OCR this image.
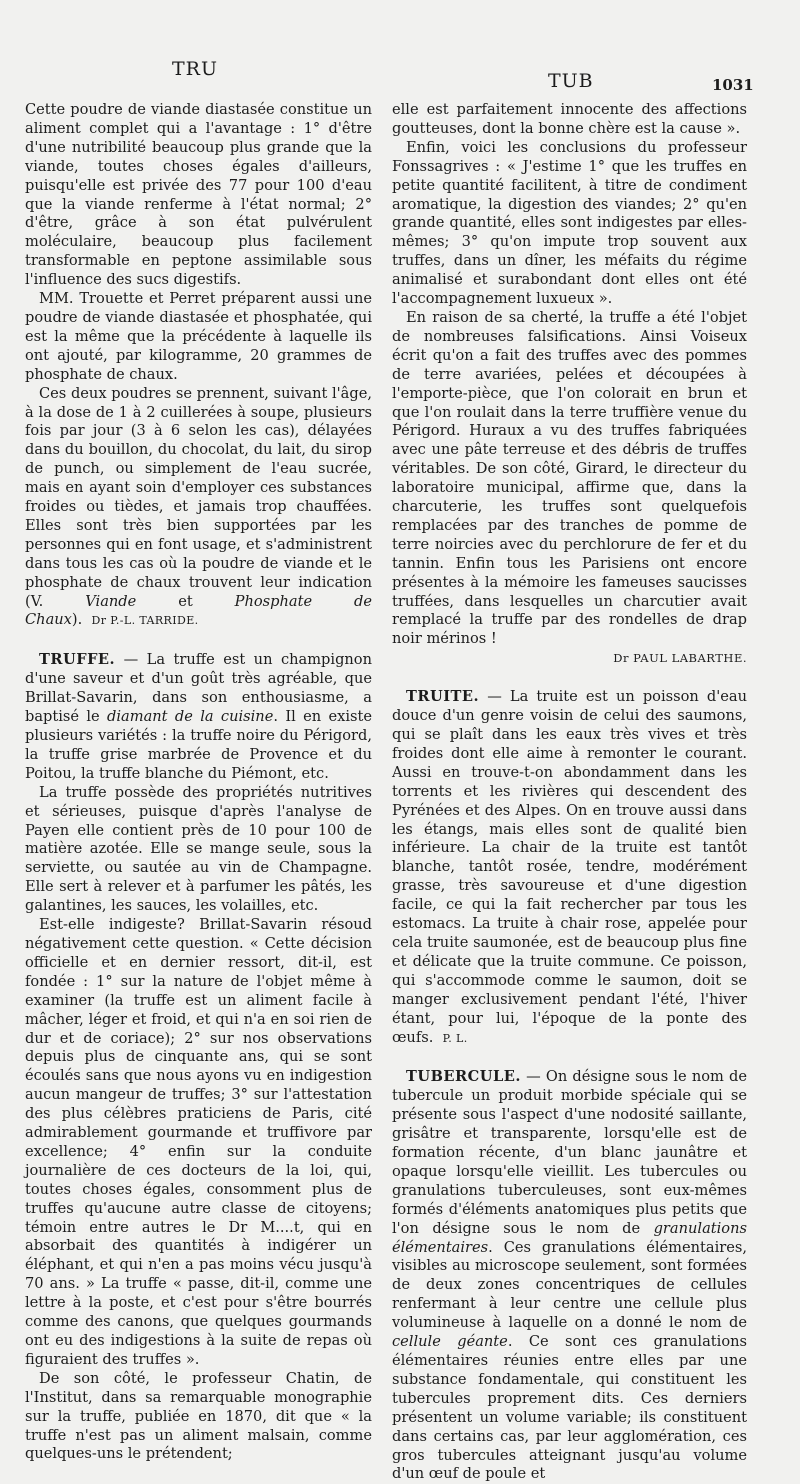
TRU
TUB	1031

Cette poudre de viande diastasée constitue un aliment complet qui a l'avantage : 1° d'être d'une nutribilité beaucoup plus grande que la viande, toutes choses égales d'ailleurs, puisqu'elle est privée des 77 pour 100 d'eau que la viande renferme à l'état normal; 2° d'être, grâce à son état pulvérulent moléculaire, beaucoup plus facilement transformable en peptone assimilable sous l'influence des sucs digestifs.

MM. Trouette et Perret préparent aussi une poudre de viande diastasée et phosphatée, qui est la même que la précédente à laquelle ils ont ajouté, par kilogramme, 20 grammes de phosphate de chaux.

Ces deux poudres se prennent, suivant l'âge, à la dose de 1 à 2 cuillerées à soupe, plusieurs fois par jour (3 à 6 selon les cas), délayées dans du bouillon, du chocolat, du lait, du sirop de punch, ou simplement de l'eau sucrée, mais en ayant soin d'employer ces substances froides ou tièdes, et jamais trop chauffées. Elles sont très bien supportées par les personnes qui en font usage, et s'administrent dans tous les cas où la poudre de viande et le phosphate de chaux trouvent leur indication (V. Viande et Phosphate de Chaux). Dr P.-L. TARRIDE.

TRUFFE. — La truffe est un champignon d'une saveur et d'un goût très agréable, que Brillat-Savarin, dans son enthousiasme, a baptisé le diamant de la cuisine. Il en existe plusieurs variétés : la truffe noire du Périgord, la truffe grise marbrée de Provence et du Poitou, la truffe blanche du Piémont, etc.

La truffe possède des propriétés nutritives et sérieuses, puisque d'après l'analyse de Payen elle contient près de 10 pour 100 de matière azotée. Elle se mange seule, sous la serviette, ou sautée au vin de Champagne. Elle sert à relever et à parfumer les pâtés, les galantines, les sauces, les volailles, etc.

Est-elle indigeste? Brillat-Savarin résoud négativement cette question. « Cette décision officielle et en dernier ressort, dit-il, est fondée : 1° sur la nature de l'objet même à examiner (la truffe est un aliment facile à mâcher, léger et froid, et qui n'a en soi rien de dur et de coriace); 2° sur nos observations depuis plus de cinquante ans, qui se sont écoulés sans que nous ayons vu en indigestion aucun mangeur de truffes; 3° sur l'attestation des plus célèbres praticiens de Paris, cité admirablement gourmande et truffivore par excellence; 4° enfin sur la conduite journalière de ces docteurs de la loi, qui, toutes choses égales, consomment plus de truffes qu'aucune autre classe de citoyens; témoin entre autres le Dr M....t, qui en absorbait des quantités à indigérer un éléphant, et qui n'en a pas moins vécu jusqu'à 70 ans. » La truffe « passe, dit-il, comme une lettre à la poste, et c'est pour s'être bourrés comme des canons, que quelques gourmands ont eu des indigestions à la suite de repas où figuraient des truffes ».

De son côté, le professeur Chatin, de l'Institut, dans sa remarquable monographie sur la truffe, publiée en 1870, dit que « la truffe n'est pas un aliment malsain, comme quelques-uns le prétendent;

elle est parfaitement innocente des affections goutteuses, dont la bonne chère est la cause ».

Enfin, voici les conclusions du professeur Fonssagrives : « J'estime 1° que les truffes en petite quantité facilitent, à titre de condiment aromatique, la digestion des viandes; 2° qu'en grande quantité, elles sont indigestes par elles-mêmes; 3° qu'on impute trop souvent aux truffes, dans un dîner, les méfaits du régime animalisé et surabondant dont elles ont été l'accompagnement luxueux ».

En raison de sa cherté, la truffe a été l'objet de nombreuses falsifications. Ainsi Voiseux écrit qu'on a fait des truffes avec des pommes de terre avariées, pelées et découpées à l'emporte-pièce, que l'on colorait en brun et que l'on roulait dans la terre truffière venue du Périgord. Huraux a vu des truffes fabriquées avec une pâte terreuse et des débris de truffes véritables. De son côté, Girard, le directeur du laboratoire municipal, affirme que, dans la charcuterie, les truffes sont quelquefois remplacées par des tranches de pomme de terre noircies avec du perchlorure de fer et du tannin. Enfin tous les Parisiens ont encore présentes à la mémoire les fameuses saucisses truffées, dans lesquelles un charcutier avait remplacé la truffe par des rondelles de drap noir mérinos !

Dr PAUL LABARTHE.

TRUITE. — La truite est un poisson d'eau douce d'un genre voisin de celui des saumons, qui se plaît dans les eaux très vives et très froides dont elle aime à remonter le courant. Aussi en trouve-t-on abondamment dans les torrents et les rivières qui descendent des Pyrénées et des Alpes. On en trouve aussi dans les étangs, mais elles sont de qualité bien inférieure. La chair de la truite est tantôt blanche, tantôt rosée, tendre, modérément grasse, très savoureuse et d'une digestion facile, ce qui la fait rechercher par tous les estomacs. La truite à chair rose, appelée pour cela truite saumonée, est de beaucoup plus fine et délicate que la truite commune. Ce poisson, qui s'accommode comme le saumon, doit se manger exclusivement pendant l'été, l'hiver étant, pour lui, l'époque de la ponte des œufs. P. L.

TUBERCULE. — On désigne sous le nom de tubercule un produit morbide spéciale qui se présente sous l'aspect d'une nodosité saillante, grisâtre et transparente, lorsqu'elle est de formation récente, d'un blanc jaunâtre et opaque lorsqu'elle vieillit. Les tubercules ou granulations tuberculeuses, sont eux-mêmes formés d'éléments anatomiques plus petits que l'on désigne sous le nom de granulations élémentaires. Ces granulations élémentaires, visibles au microscope seulement, sont formées de deux zones concentriques de cellules renfermant à leur centre une cellule plus volumineuse à laquelle on a donné le nom de cellule géante. Ce sont ces granulations élémentaires réunies entre elles par une substance fondamentale, qui constituent les tubercules proprement dits. Ces derniers présentent un volume variable; ils constituent dans certains cas, par leur agglomération, ces gros tubercules atteignant jusqu'au volume d'un œuf de poule et
